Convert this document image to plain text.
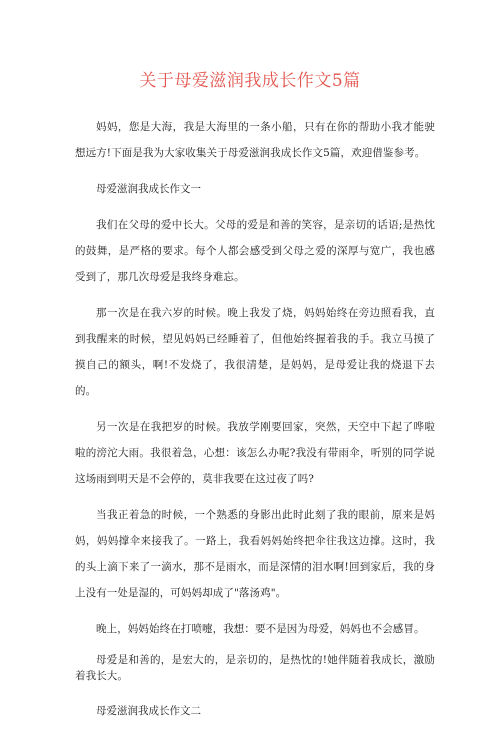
关于母爱滋润我成长作文5篇

妈妈，您是大海，我是大海里的一条小船，只有在你的帮助小我才能驶想远方!下面是我为大家收集关于母爱滋润我成长作文5篇，欢迎借鉴参考。

母爱滋润我成长作文一

我们在父母的爱中长大。父母的爱是和善的笑容，是亲切的话语;是热忱的鼓舞，是严格的要求。每个人都会感受到父母之爱的深厚与宽广，我也感受到了，那几次母爱是我终身难忘。

那一次是在我六岁的时候。晚上我发了烧，妈妈始终在旁边照看我，直到我醒来的时候，望见妈妈已经睡着了，但他始终握着我的手。我立马摸了摸自己的额头，啊!不发烧了，我很清楚，是妈妈，是母爱让我的烧退下去的。

另一次是在我把岁的时候。我放学刚要回家，突然，天空中下起了哗啦啦的滂沱大雨。我很着急，心想：该怎么办呢?我没有带雨伞，听别的同学说这场雨到明天是不会停的，莫非我要在这过夜了吗?

当我正着急的时候，一个熟悉的身影出此时此刻了我的眼前，原来是妈妈，妈妈撑伞来接我了。一路上，我看妈妈始终把伞往我这边撑。这时，我的头上滴下来了一滴水，那不是雨水，而是深情的泪水啊!回到家后，我的身上没有一处是湿的，可妈妈却成了"落汤鸡"。

晚上，妈妈始终在打喷嚏，我想：要不是因为母爱，妈妈也不会感冒。

母爱是和善的，是宏大的，是亲切的，是热忱的!她伴随着我成长，激励着我长大。

母爱滋润我成长作文二
